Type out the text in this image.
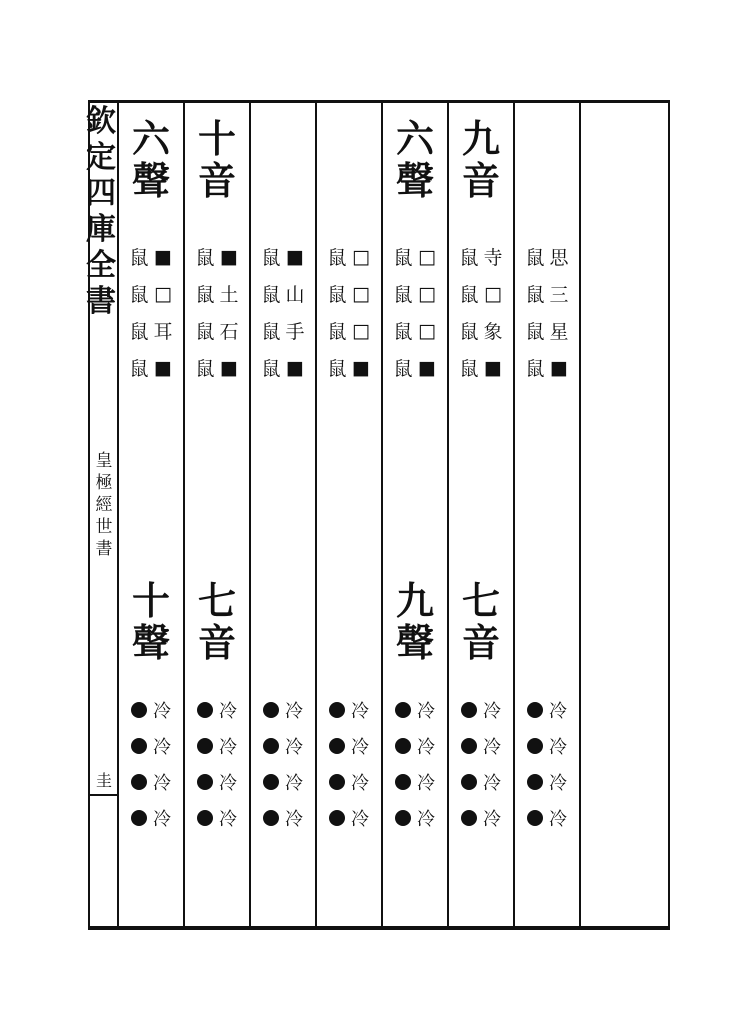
欽
定
四
庫
全
書
皇
極
經
世
書
圭
六
聲
鼠 ■
鼠 □
鼠 耳
鼠 ■
十
聲
冷
冷
冷
冷
十
音
鼠 ■
鼠 土
鼠 石
鼠 ■
七
音
冷
冷
冷
冷
鼠 ■
鼠 山
鼠 手
鼠 ■
冷
冷
冷
冷
鼠 □
鼠 □
鼠 □
鼠 ■
冷
冷
冷
冷
六
聲
鼠 □
鼠 □
鼠 □
鼠 ■
九
聲
冷
冷
冷
冷
九
音
鼠 寺
鼠 □
鼠 象
鼠 ■
七
音
冷
冷
冷
冷
鼠 思
鼠 三
鼠 星
鼠 ■
冷
冷
冷
冷
